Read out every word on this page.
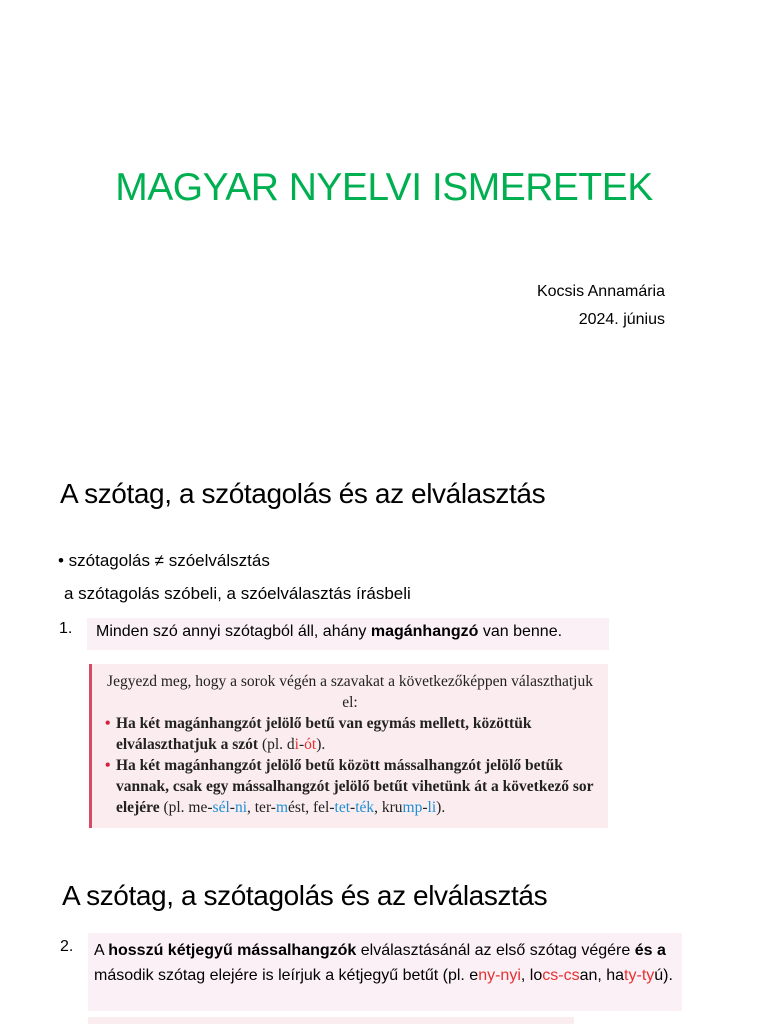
MAGYAR NYELVI ISMERETEK
Kocsis Annamária
2024. június
A szótag, a szótagolás és az elválasztás
• szótagolás ≠ szóelválsztás
a szótagolás szóbeli, a szóelválasztás írásbeli
1. Minden szó annyi szótagból áll, ahány magánhangzó van benne.
Jegyezd meg, hogy a sorok végén a szavakat a következőképpen választhatjuk el:
• Ha két magánhangzót jelölő betű van egymás mellett, közöttük elválaszthatjuk a szót (pl. di-ót).
• Ha két magánhangzót jelölő betű között mássalhangzót jelölő betűk vannak, csak egy mássalhangzót jelölő betűt vihetünk át a következő sor elejére (pl. me-sél-ni, ter-mést, fel-tet-ték, krump-li).
A szótag, a szótagolás és az elválasztás
2. A hosszú kétjegyű mássalhangzók elválasztásánál az első szótag végére és a második szótag elejére is leírjuk a kétjegyű betűt (pl. eny-nyi, locs-csan, haty-tyú).
